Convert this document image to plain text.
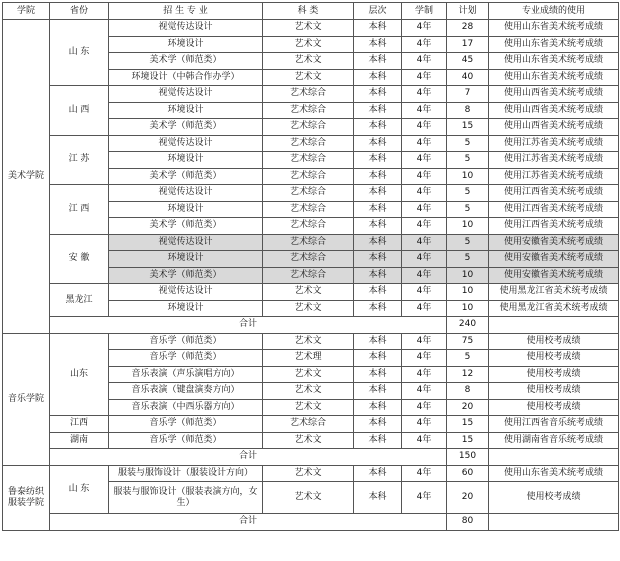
学院	省份	招 生 专 业	科 类	层次	学制	计划	专业成绩的使用
美术学院	山 东	视觉传达设计	艺术文	本科	4年	28	使用山东省美术统考成绩
		环境设计	艺术文	本科	4年	17	使用山东省美术统考成绩
		美术学（师范类）	艺术文	本科	4年	45	使用山东省美术统考成绩
		环境设计（中韩合作办学）	艺术文	本科	4年	40	使用山东省美术统考成绩
	山 西	视觉传达设计	艺术综合	本科	4年	7	使用山西省美术统考成绩
		环境设计	艺术综合	本科	4年	8	使用山西省美术统考成绩
		美术学（师范类）	艺术综合	本科	4年	15	使用山西省美术统考成绩
	江 苏	视觉传达设计	艺术综合	本科	4年	5	使用江苏省美术统考成绩
		环境设计	艺术综合	本科	4年	5	使用江苏省美术统考成绩
		美术学（师范类）	艺术综合	本科	4年	10	使用江苏省美术统考成绩
	江 西	视觉传达设计	艺术综合	本科	4年	5	使用江西省美术统考成绩
		环境设计	艺术综合	本科	4年	5	使用江西省美术统考成绩
		美术学（师范类）	艺术综合	本科	4年	10	使用江西省美术统考成绩
	安 徽	视觉传达设计	艺术综合	本科	4年	5	使用安徽省美术统考成绩
		环境设计	艺术综合	本科	4年	5	使用安徽省美术统考成绩
		美术学（师范类）	艺术综合	本科	4年	10	使用安徽省美术统考成绩
	黑龙江	视觉传达设计	艺术文	本科	4年	10	使用黑龙江省美术统考成绩
		环境设计	艺术文	本科	4年	10	使用黑龙江省美术统考成绩
	合计					240	
音乐学院	山东	音乐学（师范类）	艺术文	本科	4年	75	使用校考成绩
		音乐学（师范类）	艺术理	本科	4年	5	使用校考成绩
		音乐表演（声乐演唱方向）	艺术文	本科	4年	12	使用校考成绩
		音乐表演（键盘演奏方向）	艺术文	本科	4年	8	使用校考成绩
		音乐表演（中西乐器方向）	艺术文	本科	4年	20	使用校考成绩
	江西	音乐学（师范类）	艺术综合	本科	4年	15	使用江西省音乐统考成绩
	湖南	音乐学（师范类）	艺术文	本科	4年	15	使用湖南省音乐统考成绩
	合计					150	
鲁泰纺织服装学院	山 东	服装与服饰设计（服装设计方向）	艺术文	本科	4年	60	使用山东省美术统考成绩
		服装与服饰设计（服装表演方向，女生）	艺术文	本科	4年	20	使用校考成绩
	合计					80	
